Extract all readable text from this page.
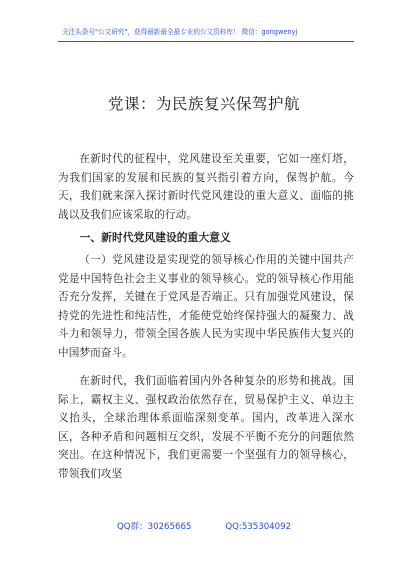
关注头条号"公文研究"，获得最新最全最专业的公文资料库！ 微信：gongwenyj
党课：为民族复兴保驾护航

在新时代的征程中，党风建设至关重要，它如一座灯塔，为我们国家的发展和民族的复兴指引着方向，保驾护航。今天，我们就来深入探讨新时代党风建设的重大意义、面临的挑战以及我们应该采取的行动。

一、新时代党风建设的重大意义

（一）党风建设是实现党的领导核心作用的关键中国共产党是中国特色社会主义事业的领导核心。党的领导核心作用能否充分发挥，关键在于党风是否端正。只有加强党风建设，保持党的先进性和纯洁性，才能使党始终保持强大的凝聚力、战斗力和领导力，带领全国各族人民为实现中华民族伟大复兴的中国梦而奋斗。

在新时代，我们面临着国内外各种复杂的形势和挑战。国际上，霸权主义、强权政治依然存在，贸易保护主义、单边主义抬头，全球治理体系面临深刻变革。国内，改革进入深水区，各种矛盾和问题相互交织，发展不平衡不充分的问题依然突出。在这种情况下，我们更需要一个坚强有力的领导核心，带领我们攻坚

QQ群：30265665	QQ:535304092
